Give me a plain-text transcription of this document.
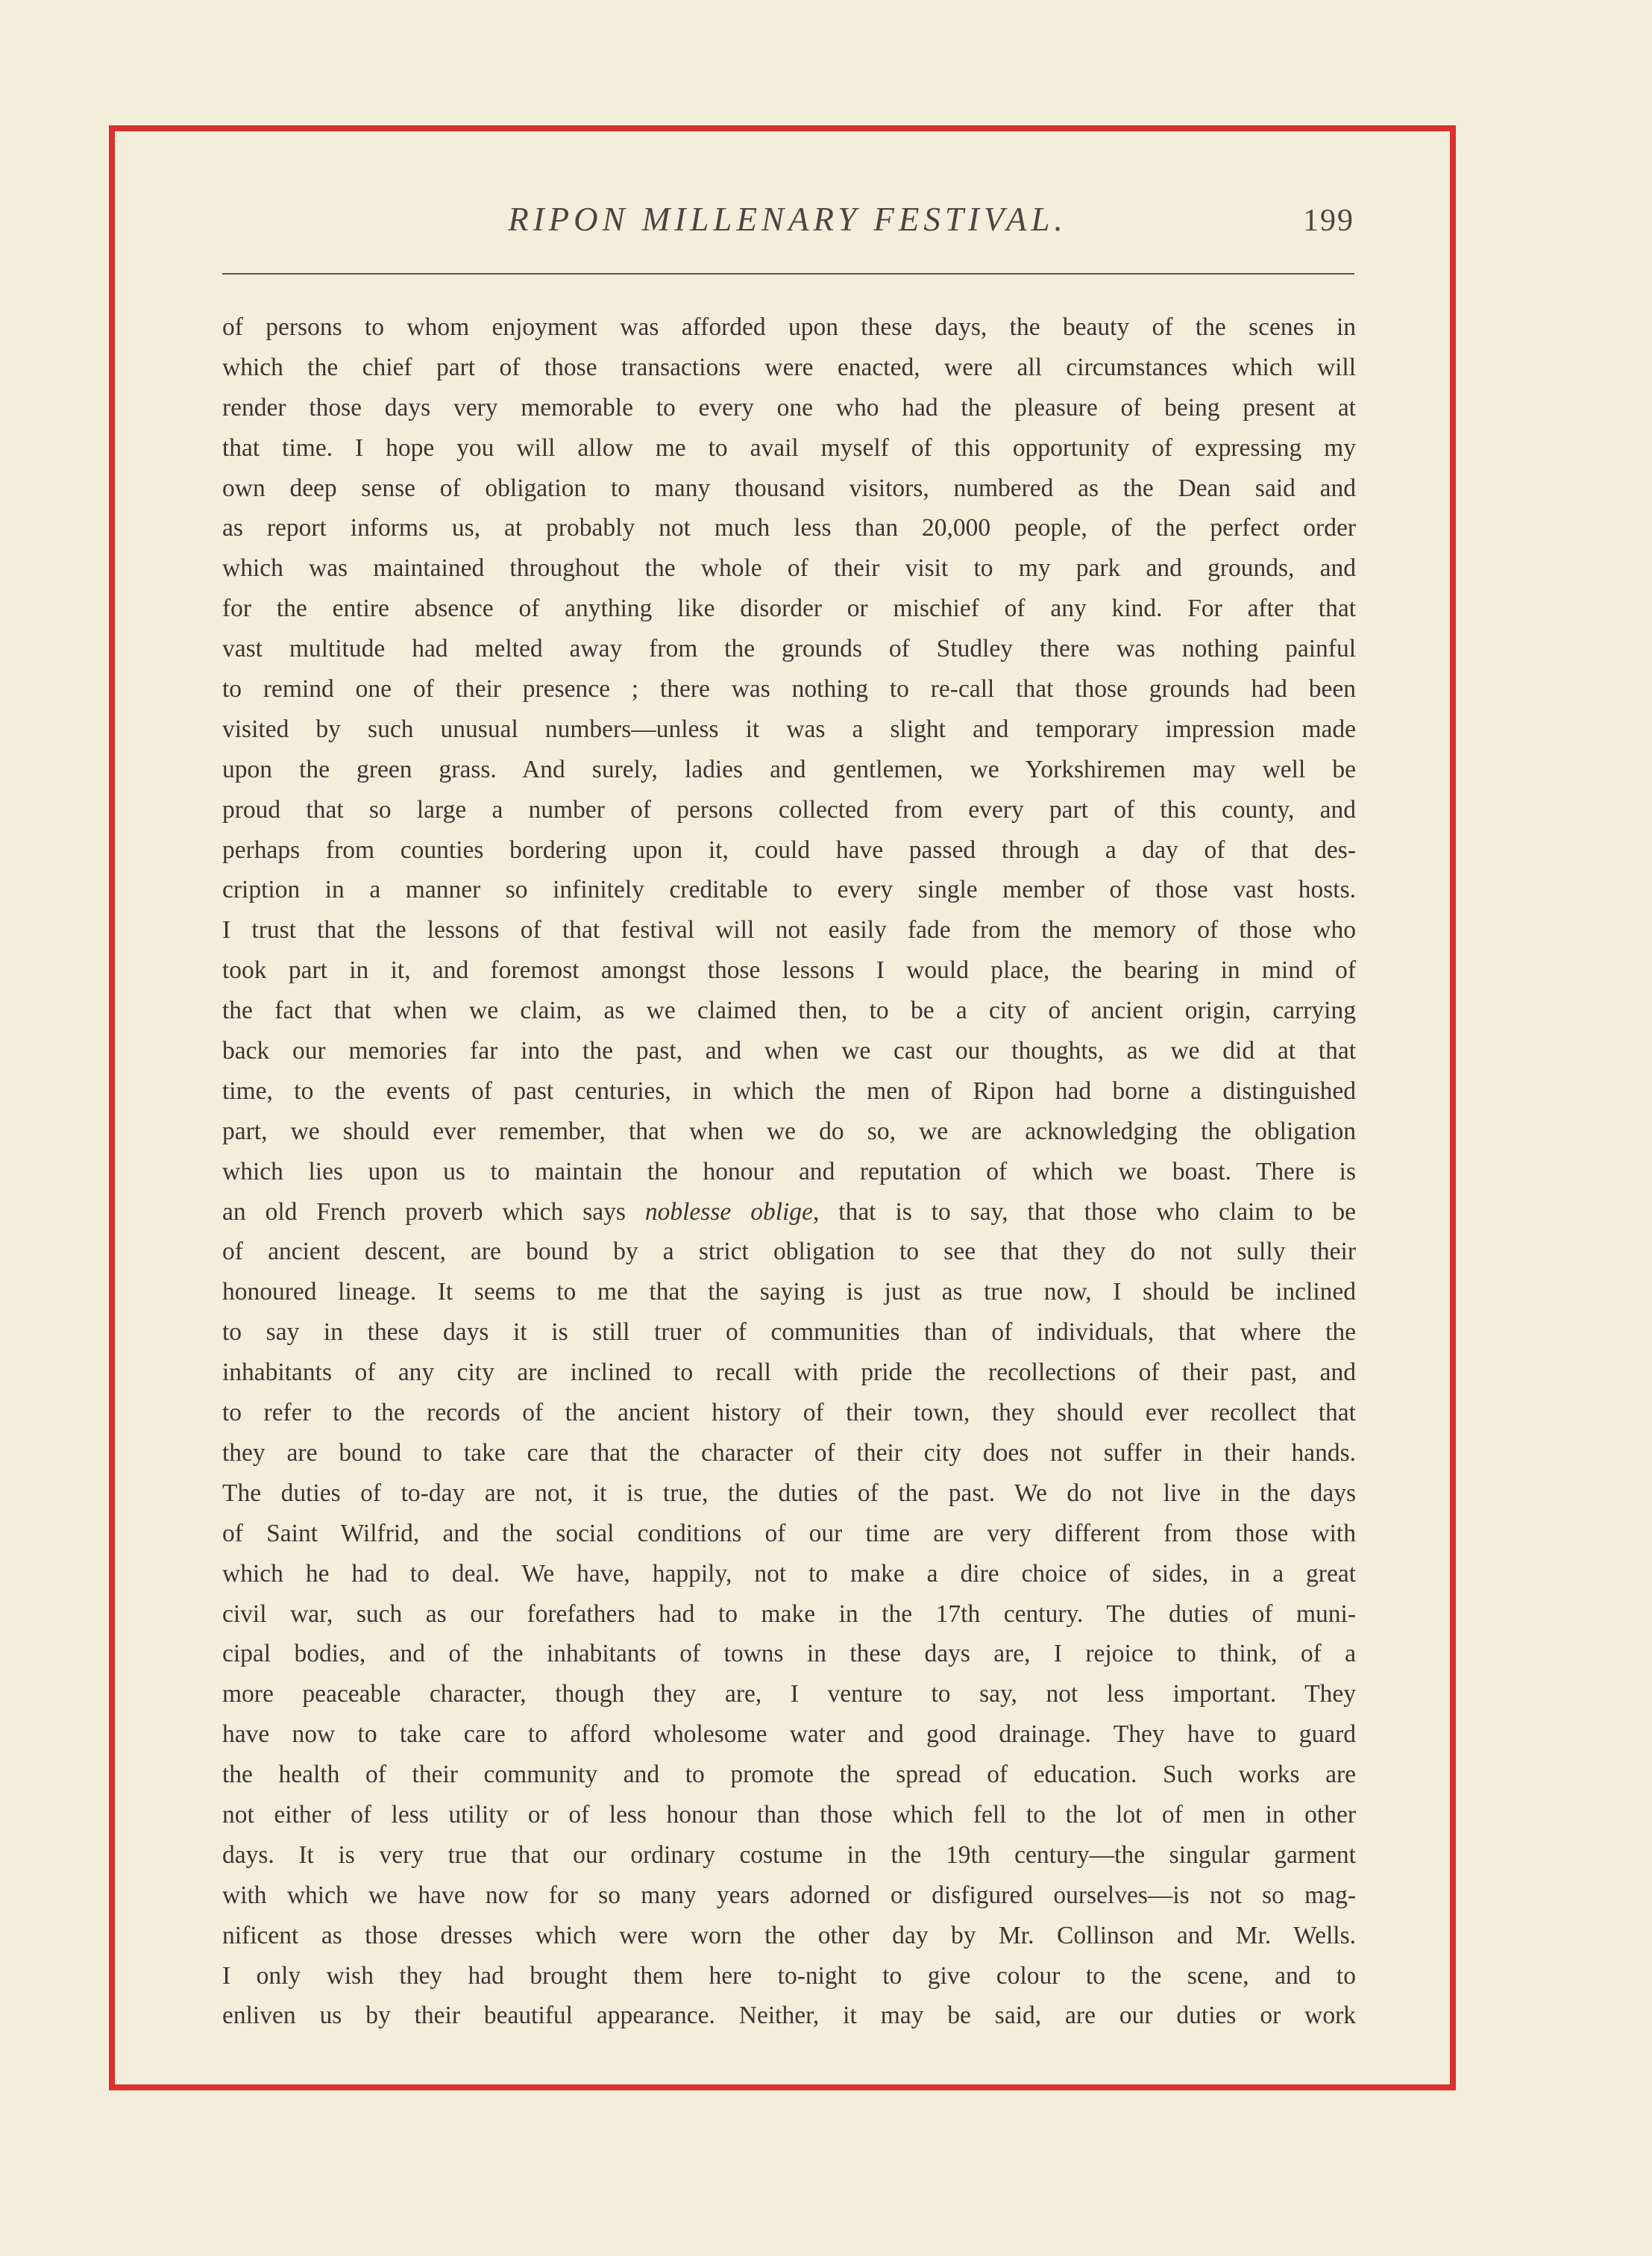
RIPON MILLENARY FESTIVAL.	199
of persons to whom enjoyment was afforded upon these days, the beauty of the scenes in
which the chief part of those transactions were enacted, were all circumstances which will
render those days very memorable to every one who had the pleasure of being present at
that time. I hope you will allow me to avail myself of this opportunity of expressing my
own deep sense of obligation to many thousand visitors, numbered as the Dean said and
as report informs us, at probably not much less than 20,000 people, of the perfect order
which was maintained throughout the whole of their visit to my park and grounds, and
for the entire absence of anything like disorder or mischief of any kind. For after that
vast multitude had melted away from the grounds of Studley there was nothing painful
to remind one of their presence ; there was nothing to re-call that those grounds had been
visited by such unusual numbers—unless it was a slight and temporary impression made
upon the green grass. And surely, ladies and gentlemen, we Yorkshiremen may well be
proud that so large a number of persons collected from every part of this county, and
perhaps from counties bordering upon it, could have passed through a day of that des-
cription in a manner so infinitely creditable to every single member of those vast hosts.
I trust that the lessons of that festival will not easily fade from the memory of those who
took part in it, and foremost amongst those lessons I would place, the bearing in mind of
the fact that when we claim, as we claimed then, to be a city of ancient origin, carrying
back our memories far into the past, and when we cast our thoughts, as we did at that
time, to the events of past centuries, in which the men of Ripon had borne a distinguished
part, we should ever remember, that when we do so, we are acknowledging the obligation
which lies upon us to maintain the honour and reputation of which we boast. There is
an old French proverb which says noblesse oblige, that is to say, that those who claim to be
of ancient descent, are bound by a strict obligation to see that they do not sully their
honoured lineage. It seems to me that the saying is just as true now, I should be inclined
to say in these days it is still truer of communities than of individuals, that where the
inhabitants of any city are inclined to recall with pride the recollections of their past, and
to refer to the records of the ancient history of their town, they should ever recollect that
they are bound to take care that the character of their city does not suffer in their hands.
The duties of to-day are not, it is true, the duties of the past. We do not live in the days
of Saint Wilfrid, and the social conditions of our time are very different from those with
which he had to deal. We have, happily, not to make a dire choice of sides, in a great
civil war, such as our forefathers had to make in the 17th century. The duties of muni-
cipal bodies, and of the inhabitants of towns in these days are, I rejoice to think, of a
more peaceable character, though they are, I venture to say, not less important. They
have now to take care to afford wholesome water and good drainage. They have to guard
the health of their community and to promote the spread of education. Such works are
not either of less utility or of less honour than those which fell to the lot of men in other
days. It is very true that our ordinary costume in the 19th century—the singular garment
with which we have now for so many years adorned or disfigured ourselves—is not so mag-
nificent as those dresses which were worn the other day by Mr. Collinson and Mr. Wells.
I only wish they had brought them here to-night to give colour to the scene, and to
enliven us by their beautiful appearance. Neither, it may be said, are our duties or work
